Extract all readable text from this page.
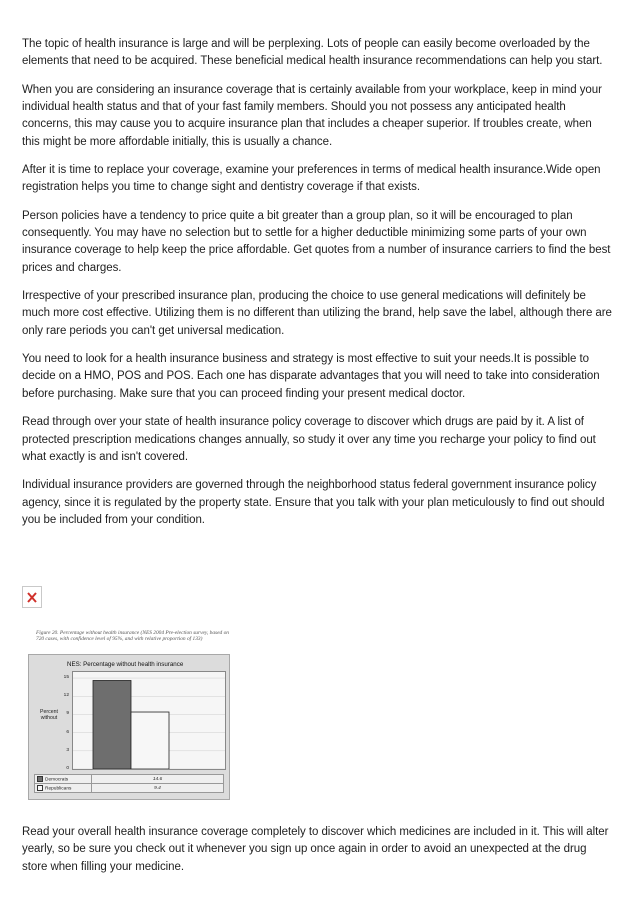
The topic of health insurance is large and will be perplexing. Lots of people can easily become overloaded by the elements that need to be acquired. These beneficial medical health insurance recommendations can help you start.

When you are considering an insurance coverage that is certainly available from your workplace, keep in mind your individual health status and that of your fast family members. Should you not possess any anticipated health concerns, this may cause you to acquire insurance plan that includes a cheaper superior. If troubles create, when this might be more affordable initially, this is usually a chance.

After it is time to replace your coverage, examine your preferences in terms of medical health insurance.Wide open registration helps you time to change sight and dentistry coverage if that exists.

Person policies have a tendency to price quite a bit greater than a group plan, so it will be encouraged to plan consequently. You may have no selection but to settle for a higher deductible minimizing some parts of your own insurance coverage to help keep the price affordable. Get quotes from a number of insurance carriers to find the best prices and charges.

Irrespective of your prescribed insurance plan, producing the choice to use general medications will definitely be much more cost effective. Utilizing them is no different than utilizing the brand, help save the label, although there are only rare periods you can't get universal medication.

You need to look for a health insurance business and strategy is most effective to suit your needs.It is possible to decide on a HMO, POS and POS. Each one has disparate advantages that you will need to take into consideration before purchasing. Make sure that you can proceed finding your present medical doctor.

Read through over your state of health insurance policy coverage to discover which drugs are paid by it. A list of protected prescription medications changes annually, so study it over any time you recharge your policy to find out what exactly is and isn't covered.

Individual insurance providers are governed through the neighborhood status federal government insurance policy agency, since it is regulated by the property state. Ensure that you talk with your plan meticulously to find out should you be included from your condition.

Figure 20. Percentage without health insurance (NES 2004 Pre-election survey, based on 720 cases, with confidence level of 95%, and with relative proportion of 133)
NES: Percentage without health insurance
Percent without
0
3
6
9
12
15
Democrats	14.6
Republicans	9.4

Read your overall health insurance coverage completely to discover which medicines are included in it. This will alter yearly, so be sure you check out it whenever you sign up once again in order to avoid an unexpected at the drug store when filling your medicine.
